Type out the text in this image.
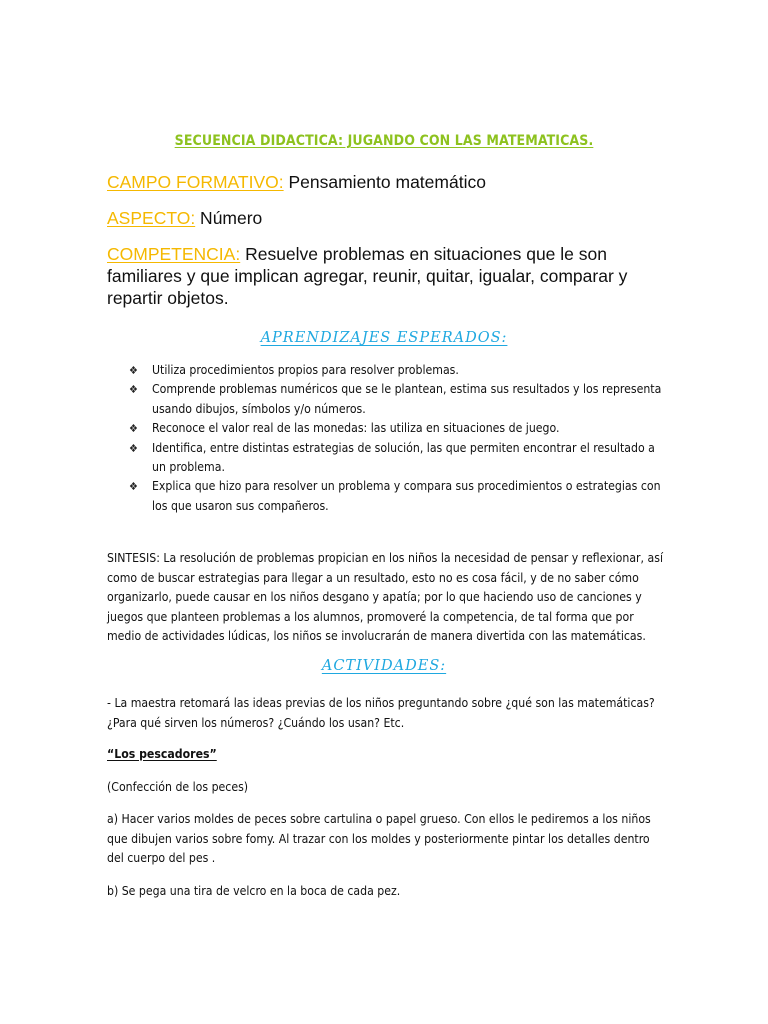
SECUENCIA DIDACTICA: JUGANDO CON LAS MATEMATICAS.
CAMPO FORMATIVO: Pensamiento matemático
ASPECTO: Número
COMPETENCIA: Resuelve problemas en situaciones que le son familiares y que implican agregar, reunir, quitar, igualar, comparar y repartir objetos.
APRENDIZAJES ESPERADOS:
❖ Utiliza procedimientos propios para resolver problemas.
❖ Comprende problemas numéricos que se le plantean, estima sus resultados y los representa usando dibujos, símbolos y/o números.
❖ Reconoce el valor real de las monedas: las utiliza en situaciones de juego.
❖ Identifica, entre distintas estrategias de solución, las que permiten encontrar el resultado a un problema.
❖ Explica que hizo para resolver un problema y compara sus procedimientos o estrategias con los que usaron sus compañeros.
SINTESIS: La resolución de problemas propician en los niños la necesidad de pensar y reflexionar, así como de buscar estrategias para llegar a un resultado, esto no es cosa fácil, y de no saber cómo organizarlo, puede causar en los niños desgano y apatía; por lo que haciendo uso de canciones y juegos que planteen problemas a los alumnos, promoveré la competencia, de tal forma que por medio de actividades lúdicas, los niños se involucrarán de manera divertida con las matemáticas.
ACTIVIDADES:
- La maestra retomará las ideas previas de los niños preguntando sobre ¿qué son las matemáticas? ¿Para qué sirven los números? ¿Cuándo los usan? Etc.
“Los pescadores”
(Confección de los peces)
a) Hacer varios moldes de peces sobre cartulina o papel grueso. Con ellos le pediremos a los niños que dibujen varios sobre fomy. Al trazar con los moldes y posteriormente pintar los detalles dentro del cuerpo del pes .
b) Se pega una tira de velcro en la boca de cada pez.
